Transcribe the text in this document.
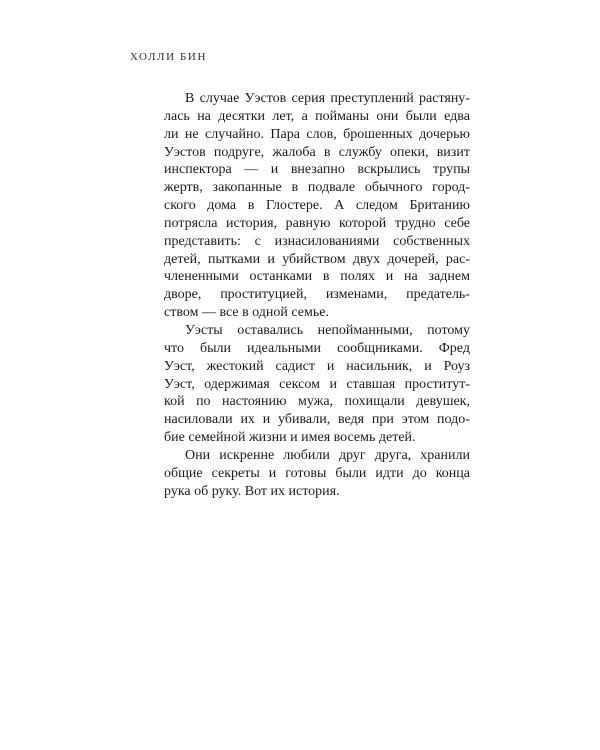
ХОЛЛИ БИН
В случае Уэстов серия преступлений растяну-
лась на десятки лет, а пойманы они были едва
ли не случайно. Пара слов, брошенных дочерью
Уэстов подруге, жалоба в службу опеки, визит
инспектора — и внезапно вскрылись трупы
жертв, закопанные в подвале обычного город-
ского дома в Глостере. А следом Британию
потрясла история, равную которой трудно себе
представить: с изнасилованиями собственных
детей, пытками и убийством двух дочерей, рас-
члененными останками в полях и на заднем
дворе, проституцией, изменами, предатель-
ством — все в одной семье.
Уэсты оставались непойманными, потому
что были идеальными сообщниками. Фред
Уэст, жестокий садист и насильник, и Роуз
Уэст, одержимая сексом и ставшая проститут-
кой по настоянию мужа, похищали девушек,
насиловали их и убивали, ведя при этом подо-
бие семейной жизни и имея восемь детей.
Они искренне любили друг друга, хранили
общие секреты и готовы были идти до конца
рука об руку. Вот их история.
